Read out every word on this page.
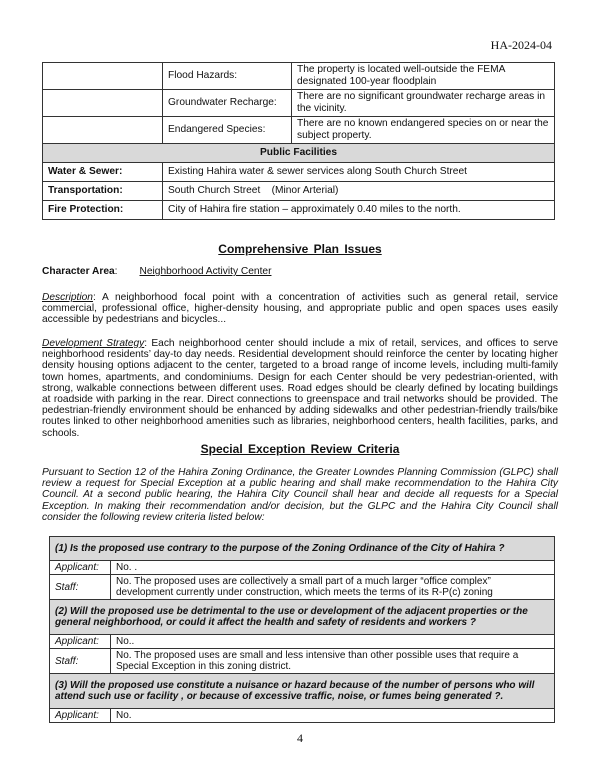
HA-2024-04
	Flood Hazards:	The property is located well-outside the FEMA designated 100-year floodplain
	Groundwater Recharge:	There are no significant groundwater recharge areas in the vicinity.
	Endangered Species:	There are no known endangered species on or near the subject property.
Public Facilities		
Water & Sewer:	Existing Hahira water & sewer services along South Church Street	
Transportation:	South Church Street    (Minor Arterial)	
Fire Protection:	City of Hahira fire station – approximately 0.40 miles to the north.	
Comprehensive Plan Issues
Character Area: Neighborhood Activity Center
Description: A neighborhood focal point with a concentration of activities such as general retail, service commercial, professional office, higher-density housing, and appropriate public and open spaces uses easily accessible by pedestrians and bicycles...
Development Strategy: Each neighborhood center should include a mix of retail, services, and offices to serve neighborhood residents’ day-to day needs. Residential development should reinforce the center by locating higher density housing options adjacent to the center, targeted to a broad range of income levels, including multi-family town homes, apartments, and condominiums. Design for each Center should be very pedestrian-oriented, with strong, walkable connections between different uses. Road edges should be clearly defined by locating buildings at roadside with parking in the rear. Direct connections to greenspace and trail networks should be provided. The pedestrian-friendly environment should be enhanced by adding sidewalks and other pedestrian-friendly trails/bike routes linked to other neighborhood amenities such as libraries, neighborhood centers, health facilities, parks, and schools.
Special Exception Review Criteria
Pursuant to Section 12 of the Hahira Zoning Ordinance, the Greater Lowndes Planning Commission (GLPC) shall review a request for Special Exception at a public hearing and shall make recommendation to the Hahira City Council. At a second public hearing, the Hahira City Council shall hear and decide all requests for a Special Exception. In making their recommendation and/or decision, but the GLPC and the Hahira City Council shall consider the following review criteria listed below:
(1) Is the proposed use contrary to the purpose of the Zoning Ordinance of the City of Hahira ?	
Applicant:	No. .
Staff:	No. The proposed uses are collectively a small part of a much larger “office complex” development currently under construction, which meets the terms of its R-P(c) zoning
(2) Will the proposed use be detrimental to the use or development of the adjacent properties or the general neighborhood, or could it affect the health and safety of residents and workers ?	
Applicant:	No..
Staff:	No. The proposed uses are small and less intensive than other possible uses that require a Special Exception in this zoning district.
(3) Will the proposed use constitute a nuisance or hazard because of the number of persons who will attend such use or facility , or because of excessive traffic, noise, or fumes being generated ?.	
Applicant:	No.
4
